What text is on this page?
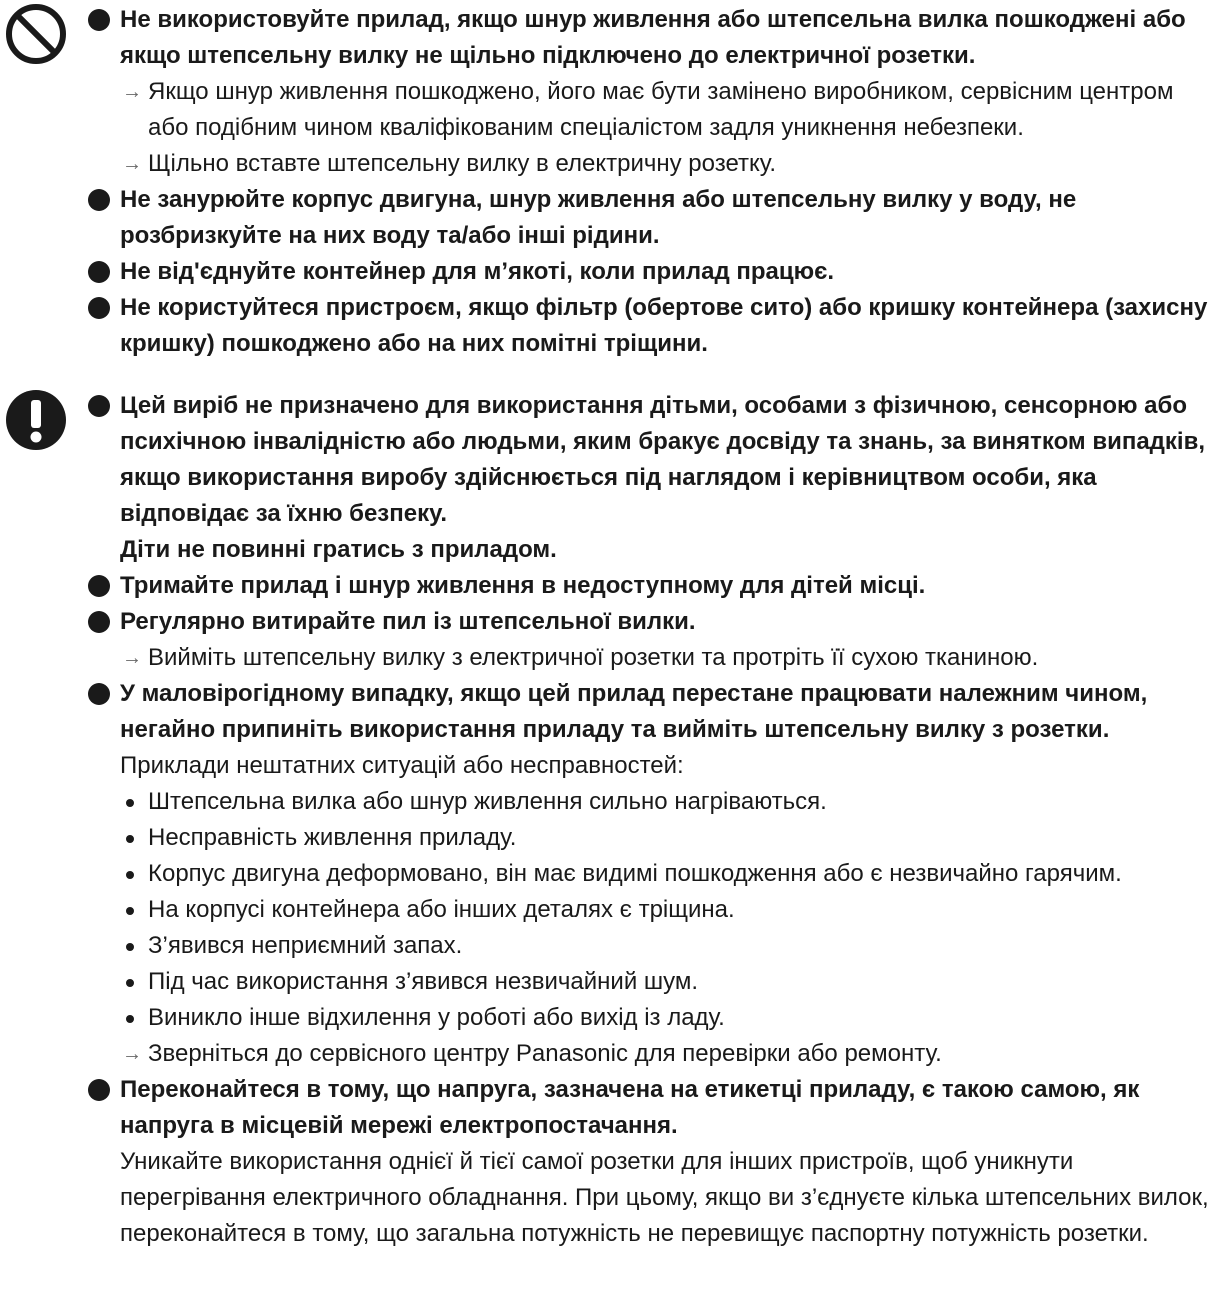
Не використовуйте прилад, якщо шнур живлення або штепсельна вилка пошкоджені або якщо штепсельну вилку не щільно підключено до електричної розетки.
→ Якщо шнур живлення пошкоджено, його має бути замінено виробником, сервісним центром або подібним чином кваліфікованим спеціалістом задля уникнення небезпеки.
→ Щільно вставте штепсельну вилку в електричну розетку.
Не занурюйте корпус двигуна, шнур живлення або штепсельну вилку у воду, не розбризкуйте на них воду та/або інші рідини.
Не від'єднуйте контейнер для м’якоті, коли прилад працює.
Не користуйтеся пристроєм, якщо фільтр (обертове сито) або кришку контейнера (захисну кришку) пошкоджено або на них помітні тріщини.
Цей виріб не призначено для використання дітьми, особами з фізичною, сенсорною або психічною інвалідністю або людьми, яким бракує досвіду та знань, за винятком випадків, якщо використання виробу здійснюється під наглядом і керівництвом особи, яка відповідає за їхню безпеку.
Діти не повинні гратись з приладом.
Тримайте прилад і шнур живлення в недоступному для дітей місці.
Регулярно витирайте пил із штепсельної вилки.
→ Вийміть штепсельну вилку з електричної розетки та протріть її сухою тканиною.
У маловірогідному випадку, якщо цей прилад перестане працювати належним чином, негайно припиніть використання приладу та вийміть штепсельну вилку з розетки.
Приклади нештатних ситуацій або несправностей:
Штепсельна вилка або шнур живлення сильно нагріваються.
Несправність живлення приладу.
Корпус двигуна деформовано, він має видимі пошкодження або є незвичайно гарячим.
На корпусі контейнера або інших деталях є тріщина.
З’явився неприємний запах.
Під час використання з’явився незвичайний шум.
Виникло інше відхилення у роботі або вихід із ладу.
→ Зверніться до сервісного центру Panasonic для перевірки або ремонту.
Переконайтеся в тому, що напруга, зазначена на етикетці приладу, є такою самою, як напруга в місцевій мережі електропостачання.
Уникайте використання однієї й тієї самої розетки для інших пристроїв, щоб уникнути перегрівання електричного обладнання. При цьому, якщо ви з’єднуєте кілька штепсельних вилок, переконайтеся в тому, що загальна потужність не перевищує паспортну потужність розетки.
